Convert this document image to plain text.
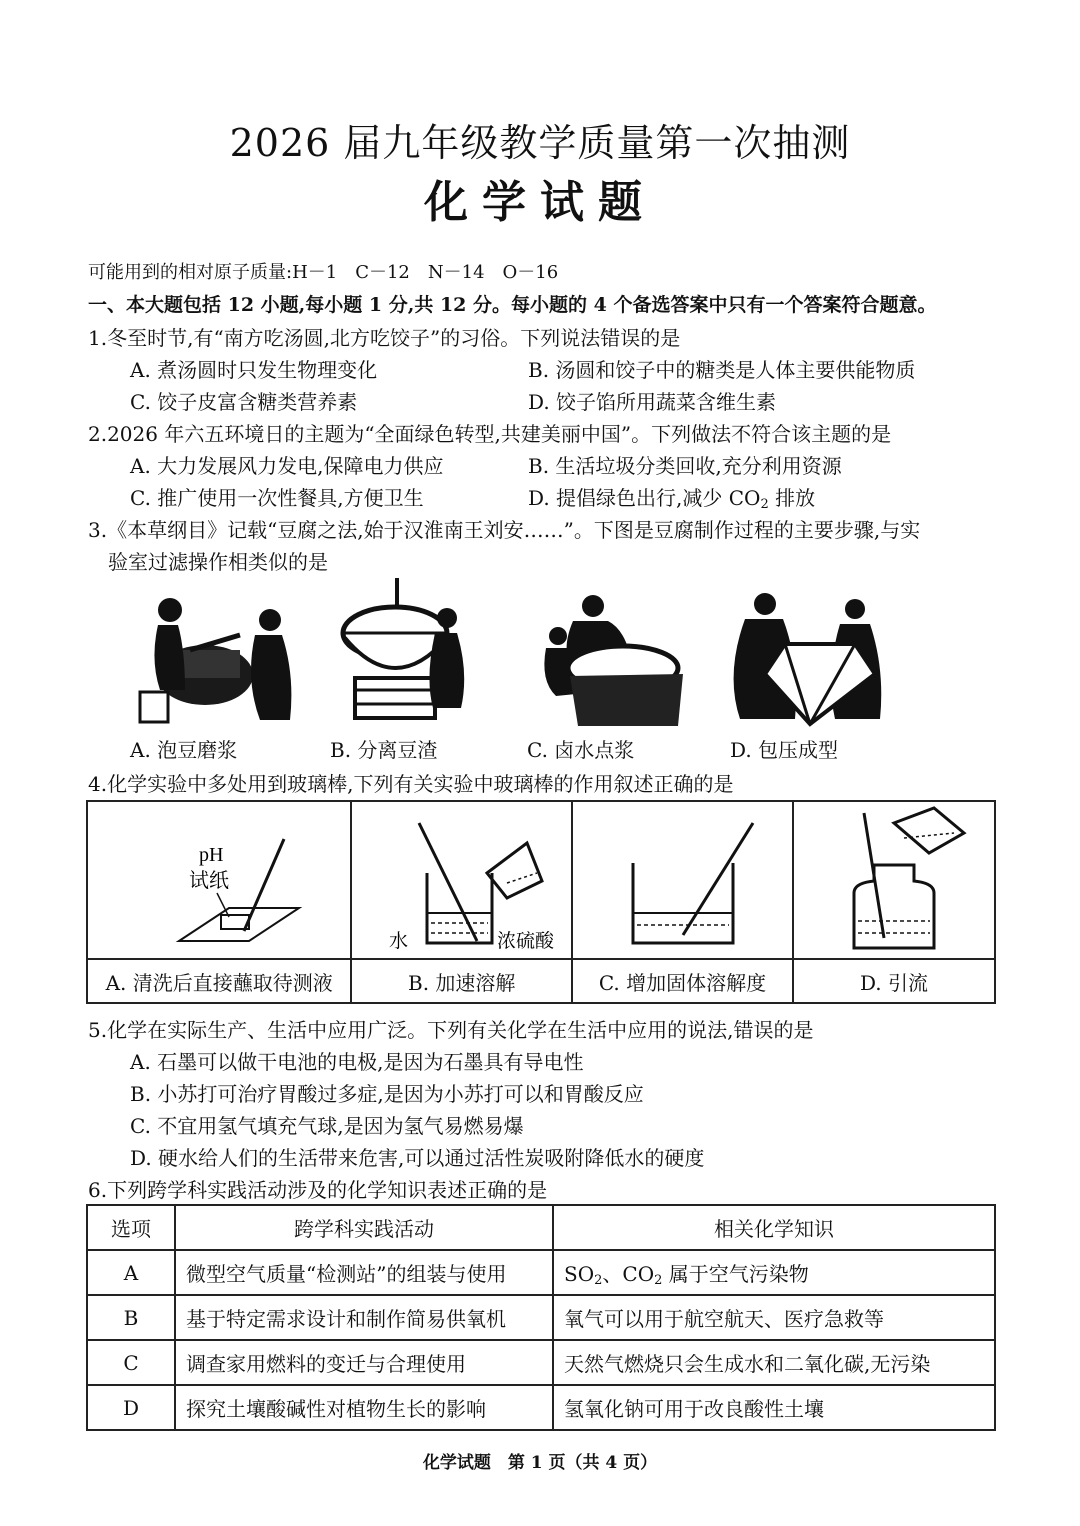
2026 届九年级教学质量第一次抽测
化学试题
可能用到的相对原子质量:H－1　C－12　N－14　O－16
一、本大题包括 12 小题,每小题 1 分,共 12 分。每小题的 4 个备选答案中只有一个答案符合题意。
1.冬至时节,有“南方吃汤圆,北方吃饺子”的习俗。下列说法错误的是
A. 煮汤圆时只发生物理变化	B. 汤圆和饺子中的糖类是人体主要供能物质
C. 饺子皮富含糖类营养素	D. 饺子馅所用蔬菜含维生素
2.2026 年六五环境日的主题为“全面绿色转型,共建美丽中国”。下列做法不符合该主题的是
A. 大力发展风力发电,保障电力供应	B. 生活垃圾分类回收,充分利用资源
C. 推广使用一次性餐具,方便卫生	D. 提倡绿色出行,减少 $CO_2$ 排放
3.《本草纲目》记载“豆腐之法,始于汉淮南王刘安……”。下图是豆腐制作过程的主要步骤,与实
验室过滤操作相类似的是
A. 泡豆磨浆	B. 分离豆渣	C. 卤水点浆	D. 包压成型
4.化学实验中多处用到玻璃棒,下列有关实验中玻璃棒的作用叙述正确的是
pH
试纸	水 浓硫酸

A. 清洗后直接蘸取待测液	B. 加速溶解	C. 增加固体溶解度	D. 引流
5.化学在实际生产、生活中应用广泛。下列有关化学在生活中应用的说法,错误的是
A. 石墨可以做干电池的电极,是因为石墨具有导电性
B. 小苏打可治疗胃酸过多症,是因为小苏打可以和胃酸反应
C. 不宜用氢气填充气球,是因为氢气易燃易爆
D. 硬水给人们的生活带来危害,可以通过活性炭吸附降低水的硬度
6.下列跨学科实践活动涉及的化学知识表述正确的是
选项	跨学科实践活动	相关化学知识
A	微型空气质量“检测站”的组装与使用	$SO_2$、$CO_2$ 属于空气污染物
B	基于特定需求设计和制作简易供氧机	氧气可以用于航空航天、医疗急救等
C	调查家用燃料的变迁与合理使用	天然气燃烧只会生成水和二氧化碳,无污染
D	探究土壤酸碱性对植物生长的影响	氢氧化钠可用于改良酸性土壤
化学试题　第 1 页（共 4 页）
